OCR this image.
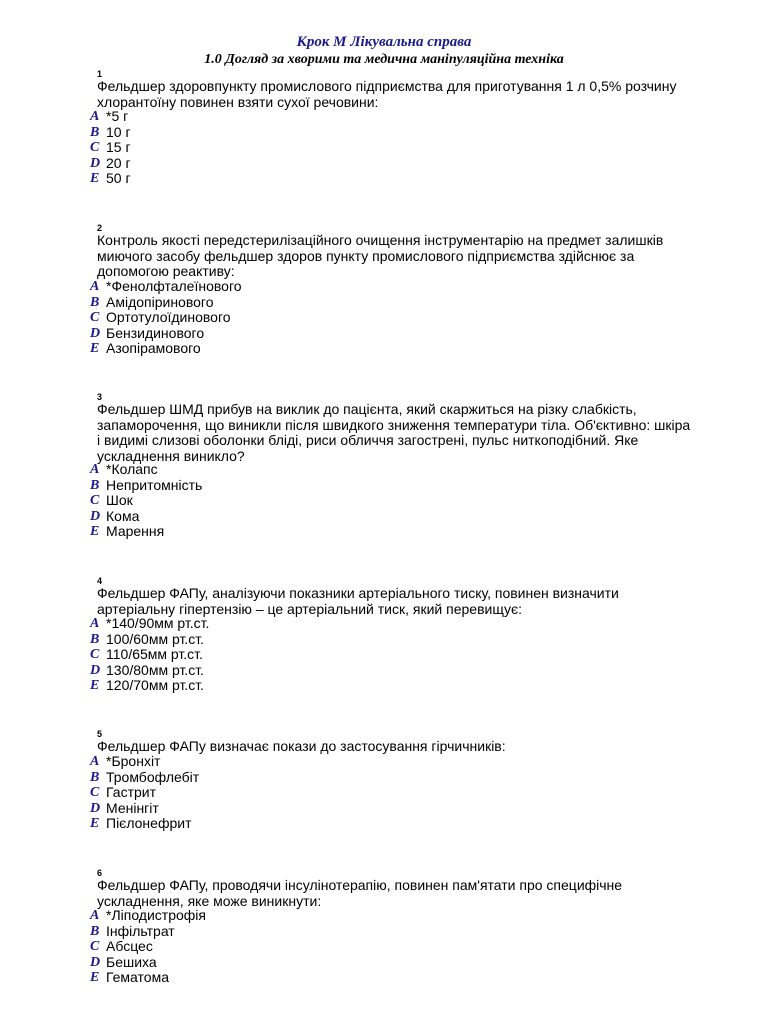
Крок М Лікувальна справа
1.0 Догляд за хворими та медична маніпуляційна техніка
1
Фельдшер здоровпункту промислового підприємства для приготування 1 л 0,5% розчину хлорантоїну повинен взяти сухої речовини:
A *5 г
B 10 г
C 15 г
D 20 г
E 50 г
2
Контроль якості передстерилізаційного очищення інструментарію на предмет залишків миючого засобу фельдшер здоров пункту промислового підприємства здійснює за допомогою реактиву:
A *Фенолфталеїнового
B Амідопіринового
C Ортотулоїдинового
D Бензидинового
E Азопірамового
3
Фельдшер ШМД прибув на виклик до пацієнта, який скаржиться на різку слабкість, запаморочення, що виникли після швидкого зниження температури тіла. Об'єктивно: шкіра і видимі слизові оболонки бліді, риси обличчя загострені, пульс ниткоподібний. Яке ускладнення виникло?
A *Колапс
B Непритомність
C Шок
D Кома
E Марення
4
Фельдшер ФАПу, аналізуючи показники артеріального тиску, повинен визначити артеріальну гіпертензію – це артеріальний тиск, який перевищує:
A *140/90мм рт.ст.
B 100/60мм рт.ст.
C 110/65мм рт.ст.
D 130/80мм рт.ст.
E 120/70мм рт.ст.
5
Фельдшер ФАПу визначає покази до застосування гірчичників:
A *Бронхіт
B Тромбофлебіт
C Гастрит
D Менінгіт
E Пієлонефрит
6
Фельдшер ФАПу, проводячи інсулінотерапію, повинен пам'ятати про специфічне ускладнення, яке може виникнути:
A *Ліподистрофія
B Інфільтрат
C Абсцес
D Бешиха
E Гематома
